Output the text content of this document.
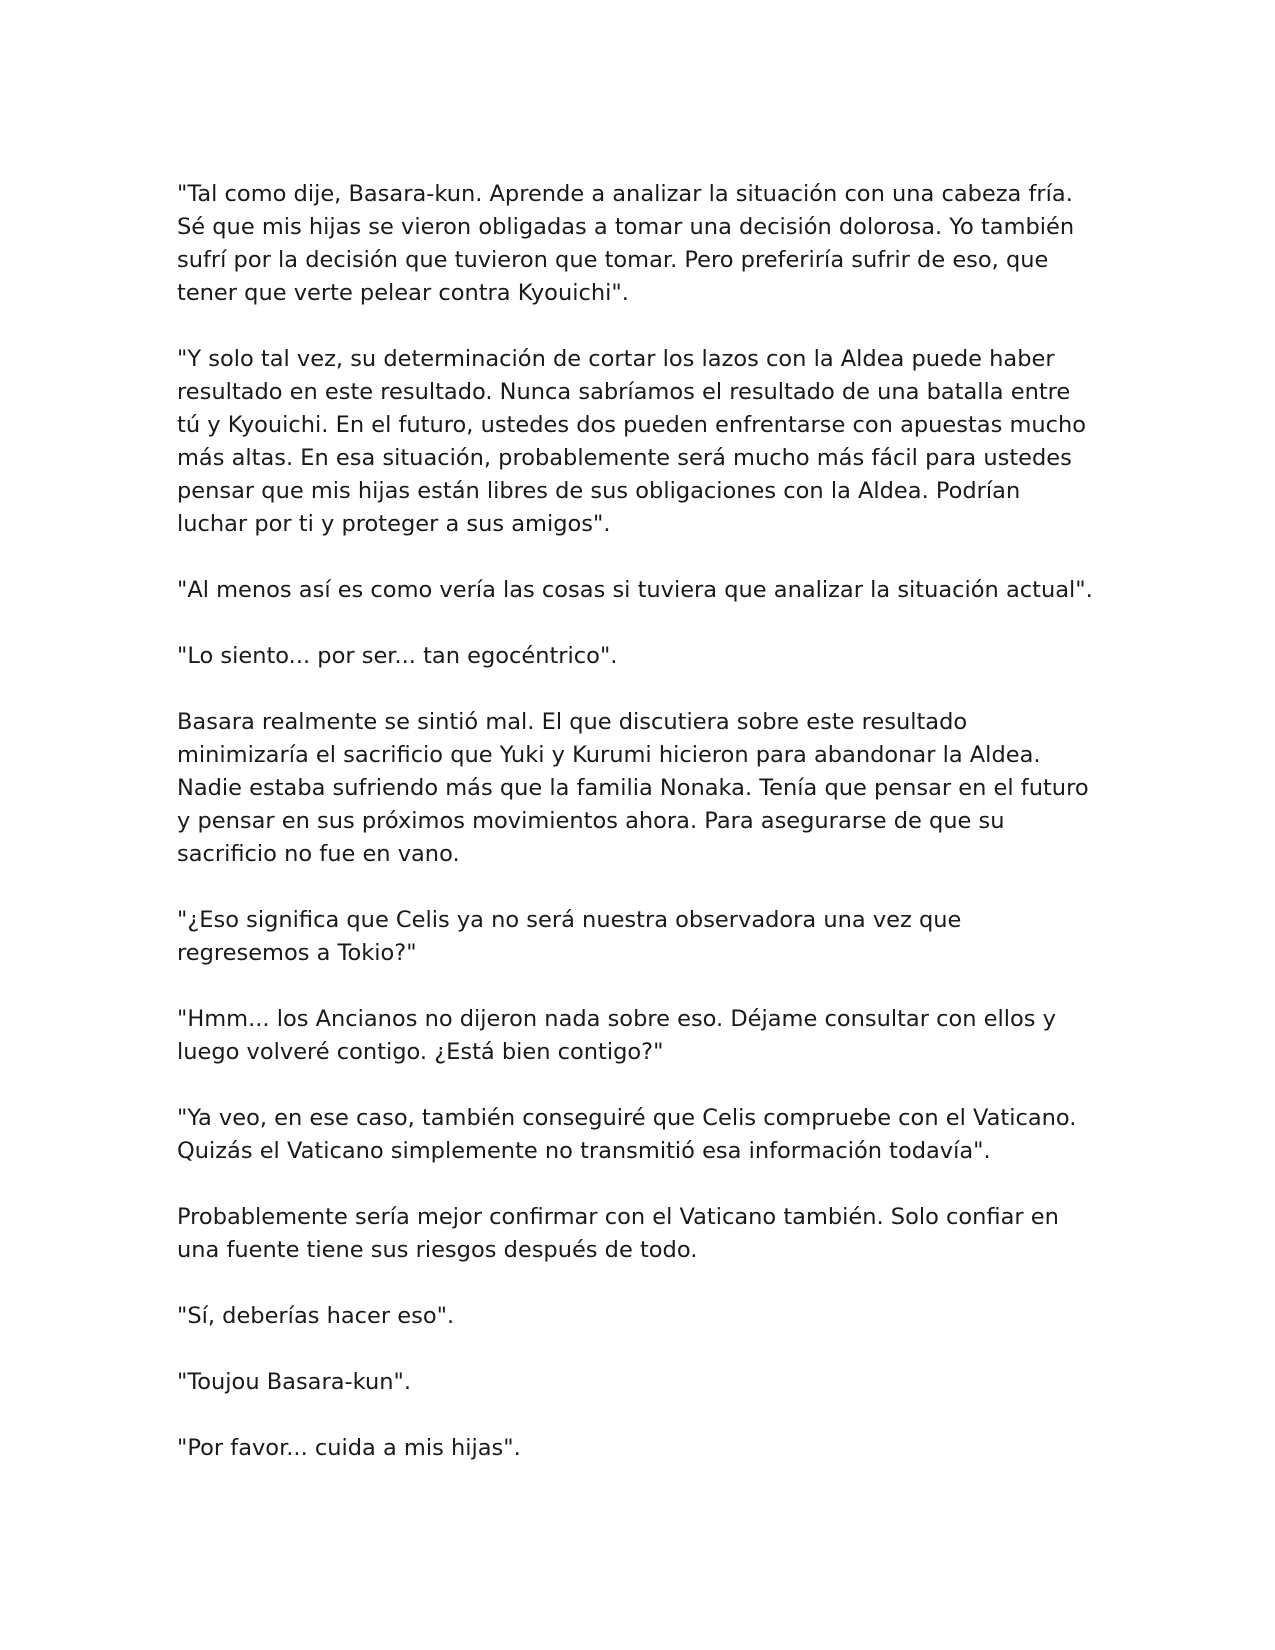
"Tal como dije, Basara-kun. Aprende a analizar la situación con una cabeza fría. Sé que mis hijas se vieron obligadas a tomar una decisión dolorosa. Yo también sufrí por la decisión que tuvieron que tomar. Pero preferiría sufrir de eso, que tener que verte pelear contra Kyouichi".

"Y solo tal vez, su determinación de cortar los lazos con la Aldea puede haber resultado en este resultado. Nunca sabríamos el resultado de una batalla entre tú y Kyouichi. En el futuro, ustedes dos pueden enfrentarse con apuestas mucho más altas. En esa situación, probablemente será mucho más fácil para ustedes pensar que mis hijas están libres de sus obligaciones con la Aldea. Podrían luchar por ti y proteger a sus amigos".

"Al menos así es como vería las cosas si tuviera que analizar la situación actual".

"Lo siento... por ser... tan egocéntrico".

Basara realmente se sintió mal. El que discutiera sobre este resultado minimizaría el sacrificio que Yuki y Kurumi hicieron para abandonar la Aldea. Nadie estaba sufriendo más que la familia Nonaka. Tenía que pensar en el futuro y pensar en sus próximos movimientos ahora. Para asegurarse de que su sacrificio no fue en vano.

"¿Eso significa que Celis ya no será nuestra observadora una vez que regresemos a Tokio?"

"Hmm... los Ancianos no dijeron nada sobre eso. Déjame consultar con ellos y luego volveré contigo. ¿Está bien contigo?"

"Ya veo, en ese caso, también conseguiré que Celis compruebe con el Vaticano. Quizás el Vaticano simplemente no transmitió esa información todavía".

Probablemente sería mejor confirmar con el Vaticano también. Solo confiar en una fuente tiene sus riesgos después de todo.

"Sí, deberías hacer eso".

"Toujou Basara-kun".

"Por favor... cuida a mis hijas".
